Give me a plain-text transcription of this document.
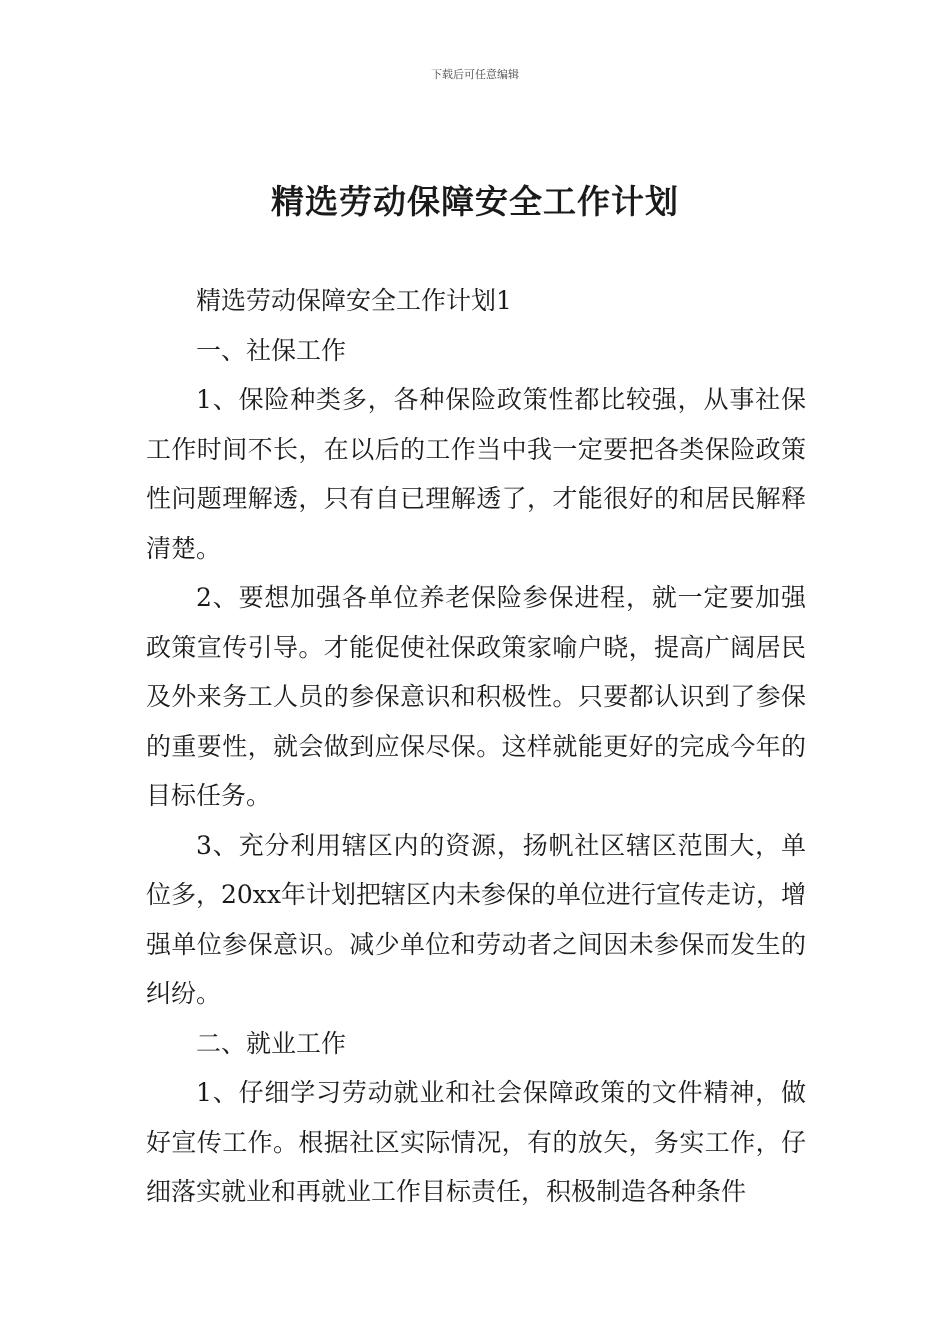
下载后可任意编辑
精选劳动保障安全工作计划

精选劳动保障安全工作计划1

一、社保工作

1、保险种类多，各种保险政策性都比较强，从事社保工作时间不长，在以后的工作当中我一定要把各类保险政策性问题理解透，只有自已理解透了，才能很好的和居民解释清楚。

2、要想加强各单位养老保险参保进程，就一定要加强政策宣传引导。才能促使社保政策家喻户晓，提高广阔居民及外来务工人员的参保意识和积极性。只要都认识到了参保的重要性，就会做到应保尽保。这样就能更好的完成今年的目标任务。

3、充分利用辖区内的资源，扬帆社区辖区范围大，单位多，20xx年计划把辖区内未参保的单位进行宣传走访，增强单位参保意识。减少单位和劳动者之间因未参保而发生的纠纷。

二、就业工作

1、仔细学习劳动就业和社会保障政策的文件精神，做好宣传工作。根据社区实际情况，有的放矢，务实工作，仔细落实就业和再就业工作目标责任，积极制造各种条件
